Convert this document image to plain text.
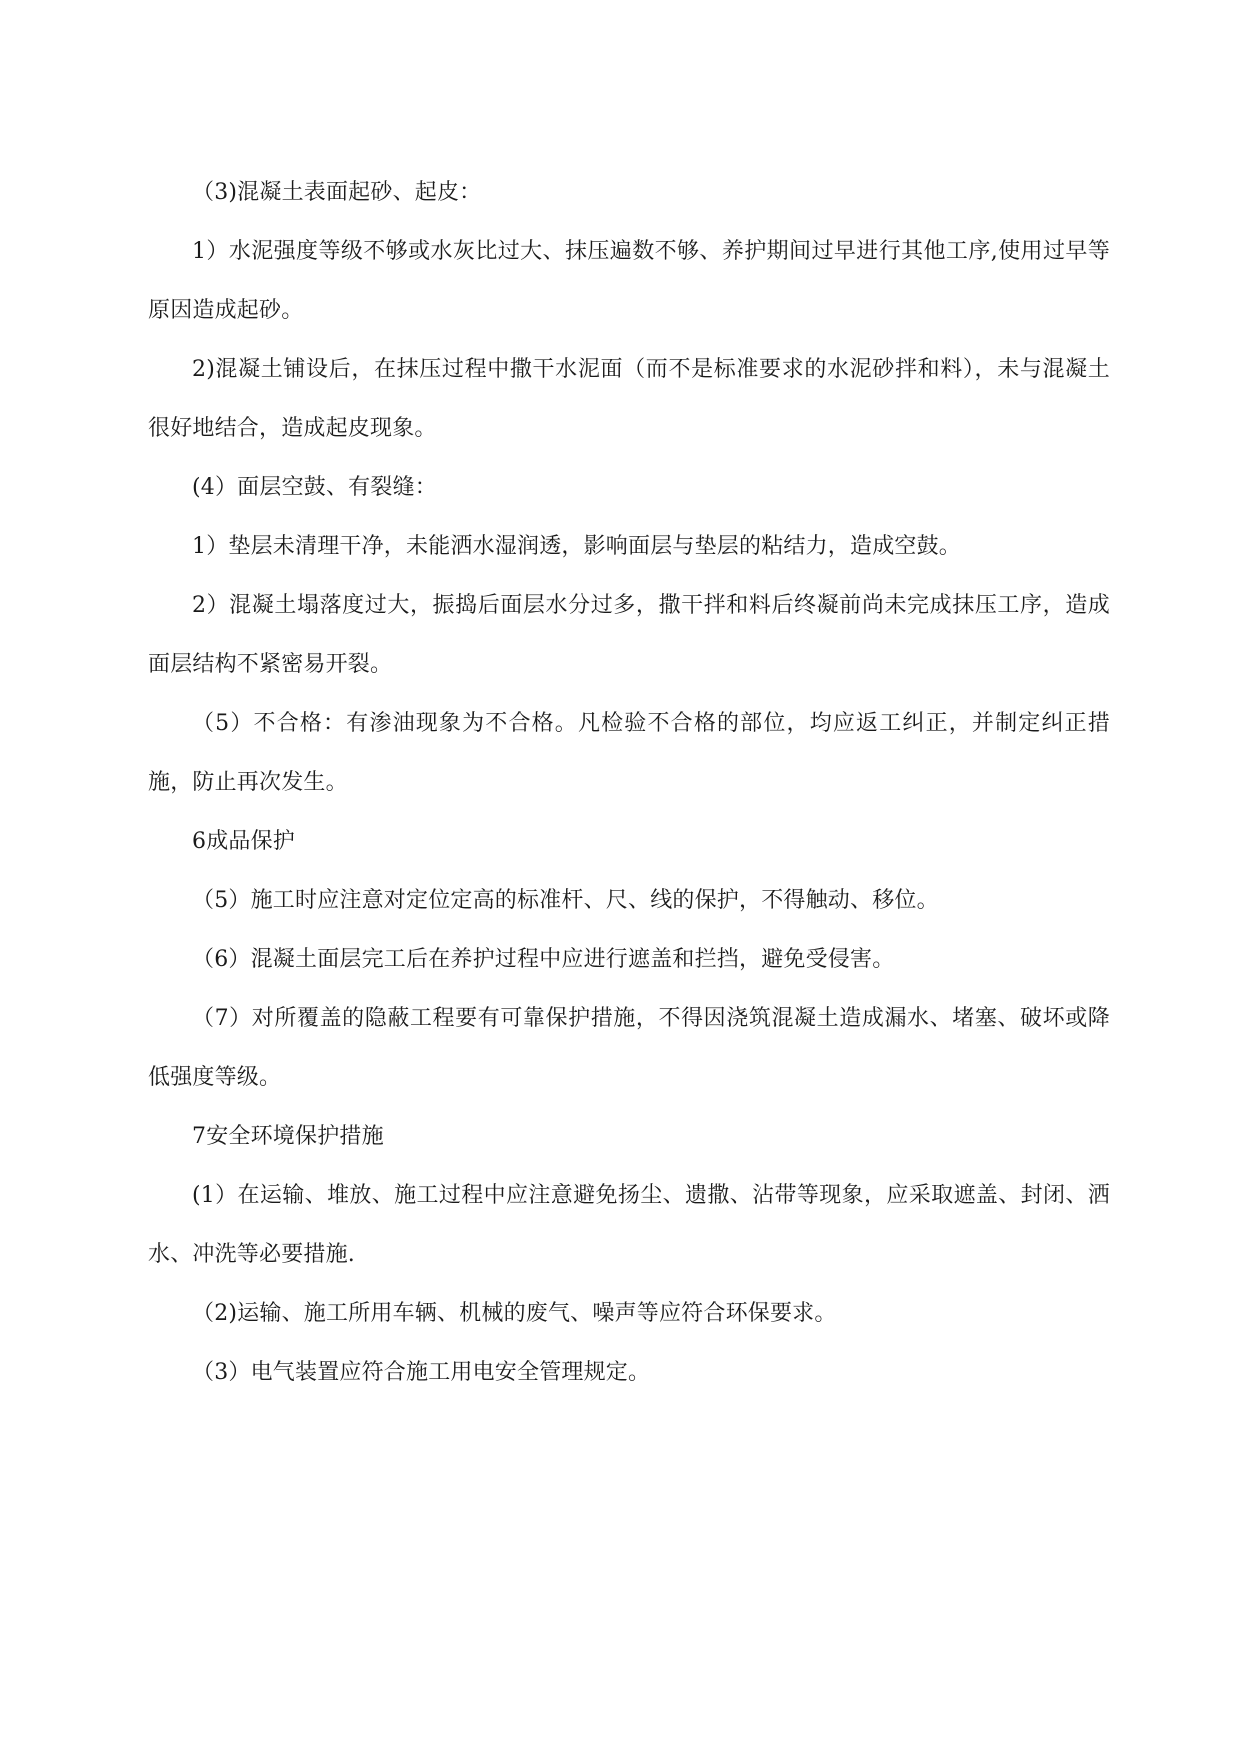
（3)混凝土表面起砂、起皮：

1）水泥强度等级不够或水灰比过大、抹压遍数不够、养护期间过早进行其他工序,使用过早等原因造成起砂。

2)混凝土铺设后，在抹压过程中撒干水泥面（而不是标准要求的水泥砂拌和料），未与混凝土很好地结合，造成起皮现象。

(4）面层空鼓、有裂缝：

1）垫层未清理干净，未能洒水湿润透，影响面层与垫层的粘结力，造成空鼓。

2）混凝土塌落度过大，振捣后面层水分过多，撒干拌和料后终凝前尚未完成抹压工序，造成面层结构不紧密易开裂。

（5）不合格：有渗油现象为不合格。凡检验不合格的部位，均应返工纠正，并制定纠正措施，防止再次发生。

6成品保护

（5）施工时应注意对定位定高的标准杆、尺、线的保护，不得触动、移位。

（6）混凝土面层完工后在养护过程中应进行遮盖和拦挡，避免受侵害。

（7）对所覆盖的隐蔽工程要有可靠保护措施，不得因浇筑混凝土造成漏水、堵塞、破坏或降低强度等级。

7安全环境保护措施

(1）在运输、堆放、施工过程中应注意避免扬尘、遗撒、沾带等现象，应采取遮盖、封闭、洒水、冲洗等必要措施.

（2)运输、施工所用车辆、机械的废气、噪声等应符合环保要求。

（3）电气装置应符合施工用电安全管理规定。
